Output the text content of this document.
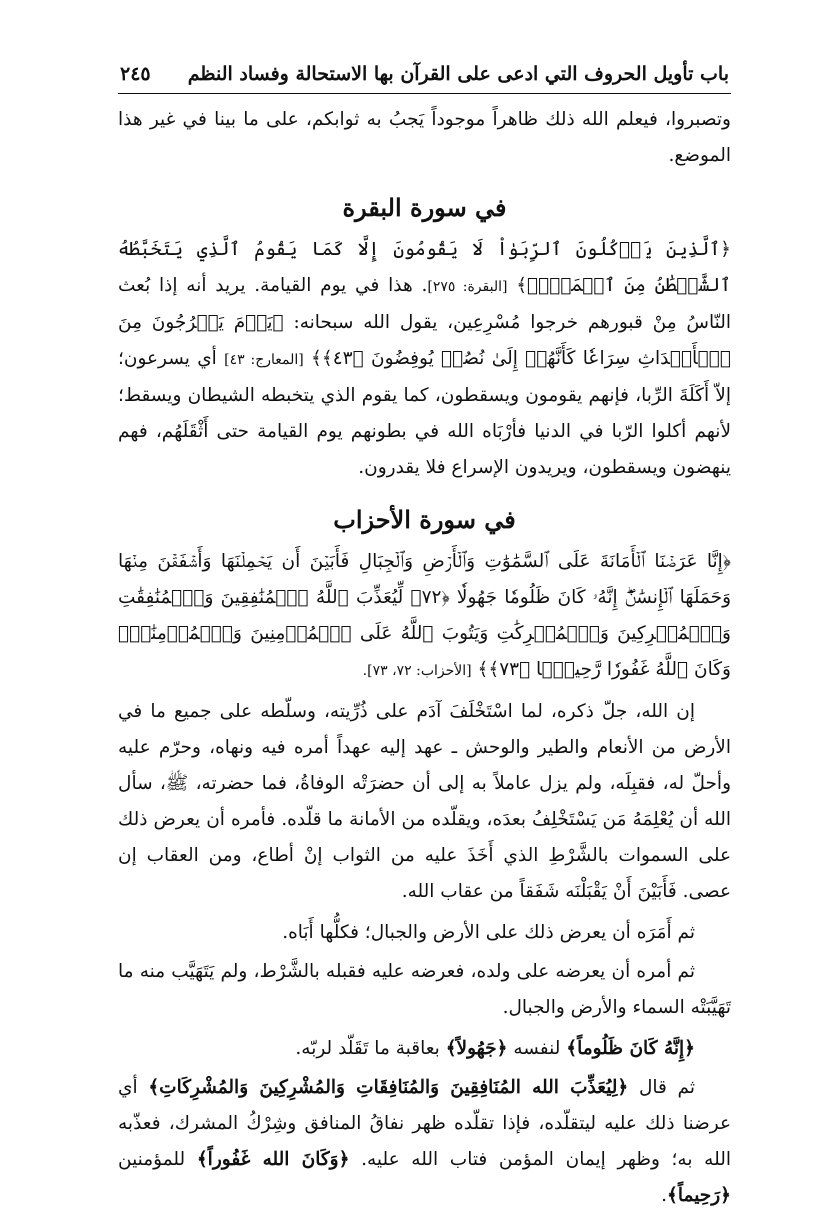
باب تأويل الحروف التي ادعى على القرآن بها الاستحالة وفساد النظم
٢٤٥

وتصبروا، فيعلم الله ذلك ظاهراً موجوداً يَجبُ به ثوابكم، على ما بينا في غير هذا الموضع.

في سورة البقرة

﴿ٱلَّذِينَ يَأۡكُلُونَ ٱلرِّبَوٰاْ لَا يَقُومُونَ إِلَّا كَمَا يَقُومُ ٱلَّذِي يَتَخَبَّطُهُ ٱلشَّيۡطَٰنُ مِنَ ٱلۡمَسِّۚ﴾ [البقرة: ٢٧٥]. هذا في يوم القيامة. يريد أنه إذا بُعث النّاسُ مِنْ قبورهم خرجوا مُسْرِعِين، يقول الله سبحانه: ﴿يَوۡمَ يَخۡرُجُونَ مِنَ ٱلۡأَجۡدَاثِ سِرَاعٗا كَأَنَّهُمۡ إِلَىٰ نُصُبٖ يُوفِضُونَ ﴿٤٣﴾﴾ [المعارج: ٤٣] أي يسرعون؛ إلاّ أَكَلَةَ الرِّبا، فإنهم يقومون ويسقطون، كما يقوم الذي يتخبطه الشيطان ويسقط؛ لأنهم أكلوا الرّبا في الدنيا فأرْبَاه الله في بطونهم يوم القيامة حتى أَثْقَلَهُم، فهم ينهضون ويسقطون، ويريدون الإسراع فلا يقدرون.

في سورة الأحزاب

﴿إِنَّا عَرَضۡنَا ٱلۡأَمَانَةَ عَلَى ٱلسَّمَٰوَٰتِ وَٱلۡأَرۡضِ وَٱلۡجِبَالِ فَأَبَيۡنَ أَن يَحۡمِلۡنَهَا وَأَشۡفَقۡنَ مِنۡهَا وَحَمَلَهَا ٱلۡإِنسَٰنُۖ إِنَّهُۥ كَانَ ظَلُومٗا جَهُولٗا ﴿٧٢﴾ لِّيُعَذِّبَ ٱللَّهُ ٱلۡمُنَٰفِقِينَ وَٱلۡمُنَٰفِقَٰتِ وَٱلۡمُشۡرِكِينَ وَٱلۡمُشۡرِكَٰتِ وَيَتُوبَ ٱللَّهُ عَلَى ٱلۡمُؤۡمِنِينَ وَٱلۡمُؤۡمِنَٰتِۗ وَكَانَ ٱللَّهُ غَفُورٗا رَّحِيمَۢا ﴿٧٣﴾﴾ [الأحزاب: ٧٢، ٧٣].

إن الله، جلّ ذكره، لما اسْتَخْلَفَ آدَم على ذُرِّيته، وسلّطه على جميع ما في الأرض من الأنعام والطير والوحش ـ عهد إليه عهداً أمره فيه ونهاه، وحرّم عليه وأحلّ له، فقبِلَه، ولم يزل عاملاً به إلى أن حضرَتْه الوفاةُ، فما حضرته، ﷺ، سأل الله أن يُعْلِمَهُ مَن يَسْتَخْلِفُ بعدَه، ويقلّده من الأمانة ما قلّده. فأمره أن يعرض ذلك على السموات بالشَّرْطِ الذي أَخَذَ عليه من الثواب إنْ أطاع، ومن العقاب إن عصى. فَأَبَيْنَ أَنْ يَقْبَلْنَه شَفَقاً من عقاب الله.

ثم أَمَرَه أن يعرض ذلك على الأرض والجبال؛ فكلُّها أَبَاه.

ثم أمره أن يعرضه على ولده، فعرضه عليه فقبله بالشَّرْط، ولم يَتَهَيَّب منه ما تَهَيَّبَتْه السماء والأرض والجبال.

﴿إِنَّهُ كَانَ ظَلُوماً﴾ لنفسه ﴿جَهُولاً﴾ بعاقبة ما تَقَلّد لربّه.

ثم قال ﴿لِيُعَذِّبَ الله المُنَافِقِينَ وَالمُنَافِقَاتِ وَالمُشْرِكِينَ وَالمُشْرِكَاتِ﴾ أي عرضنا ذلك عليه ليتقلّده، فإذا تقلّده ظهر نفاقُ المنافق وشِرْكُ المشرك، فعذّبه الله به؛ وظهر إيمان المؤمن فتاب الله عليه. ﴿وَكَانَ الله غَفُوراً﴾ للمؤمنين ﴿رَحِيماً﴾.
